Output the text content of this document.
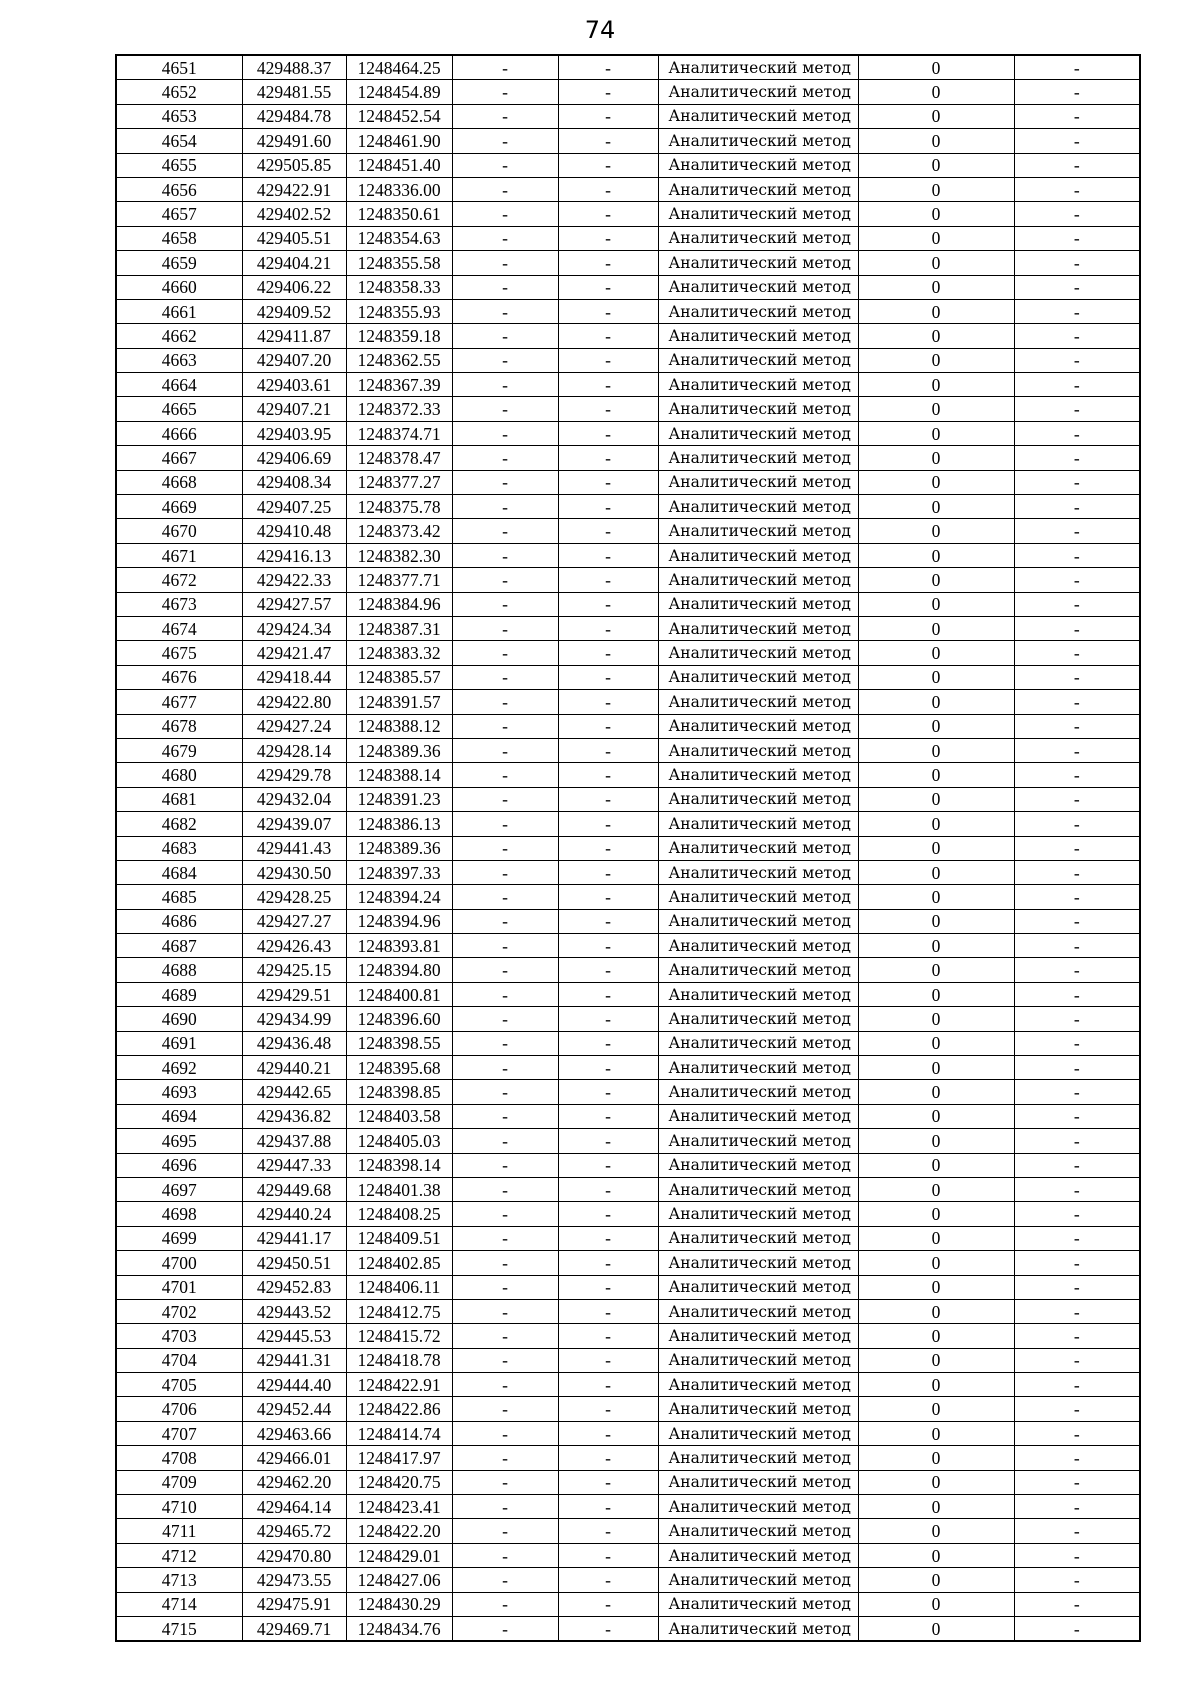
74
4651	429488.37	1248464.25	-	-	Аналитический метод	0	-
4652	429481.55	1248454.89	-	-	Аналитический метод	0	-
4653	429484.78	1248452.54	-	-	Аналитический метод	0	-
4654	429491.60	1248461.90	-	-	Аналитический метод	0	-
4655	429505.85	1248451.40	-	-	Аналитический метод	0	-
4656	429422.91	1248336.00	-	-	Аналитический метод	0	-
4657	429402.52	1248350.61	-	-	Аналитический метод	0	-
4658	429405.51	1248354.63	-	-	Аналитический метод	0	-
4659	429404.21	1248355.58	-	-	Аналитический метод	0	-
4660	429406.22	1248358.33	-	-	Аналитический метод	0	-
4661	429409.52	1248355.93	-	-	Аналитический метод	0	-
4662	429411.87	1248359.18	-	-	Аналитический метод	0	-
4663	429407.20	1248362.55	-	-	Аналитический метод	0	-
4664	429403.61	1248367.39	-	-	Аналитический метод	0	-
4665	429407.21	1248372.33	-	-	Аналитический метод	0	-
4666	429403.95	1248374.71	-	-	Аналитический метод	0	-
4667	429406.69	1248378.47	-	-	Аналитический метод	0	-
4668	429408.34	1248377.27	-	-	Аналитический метод	0	-
4669	429407.25	1248375.78	-	-	Аналитический метод	0	-
4670	429410.48	1248373.42	-	-	Аналитический метод	0	-
4671	429416.13	1248382.30	-	-	Аналитический метод	0	-
4672	429422.33	1248377.71	-	-	Аналитический метод	0	-
4673	429427.57	1248384.96	-	-	Аналитический метод	0	-
4674	429424.34	1248387.31	-	-	Аналитический метод	0	-
4675	429421.47	1248383.32	-	-	Аналитический метод	0	-
4676	429418.44	1248385.57	-	-	Аналитический метод	0	-
4677	429422.80	1248391.57	-	-	Аналитический метод	0	-
4678	429427.24	1248388.12	-	-	Аналитический метод	0	-
4679	429428.14	1248389.36	-	-	Аналитический метод	0	-
4680	429429.78	1248388.14	-	-	Аналитический метод	0	-
4681	429432.04	1248391.23	-	-	Аналитический метод	0	-
4682	429439.07	1248386.13	-	-	Аналитический метод	0	-
4683	429441.43	1248389.36	-	-	Аналитический метод	0	-
4684	429430.50	1248397.33	-	-	Аналитический метод	0	-
4685	429428.25	1248394.24	-	-	Аналитический метод	0	-
4686	429427.27	1248394.96	-	-	Аналитический метод	0	-
4687	429426.43	1248393.81	-	-	Аналитический метод	0	-
4688	429425.15	1248394.80	-	-	Аналитический метод	0	-
4689	429429.51	1248400.81	-	-	Аналитический метод	0	-
4690	429434.99	1248396.60	-	-	Аналитический метод	0	-
4691	429436.48	1248398.55	-	-	Аналитический метод	0	-
4692	429440.21	1248395.68	-	-	Аналитический метод	0	-
4693	429442.65	1248398.85	-	-	Аналитический метод	0	-
4694	429436.82	1248403.58	-	-	Аналитический метод	0	-
4695	429437.88	1248405.03	-	-	Аналитический метод	0	-
4696	429447.33	1248398.14	-	-	Аналитический метод	0	-
4697	429449.68	1248401.38	-	-	Аналитический метод	0	-
4698	429440.24	1248408.25	-	-	Аналитический метод	0	-
4699	429441.17	1248409.51	-	-	Аналитический метод	0	-
4700	429450.51	1248402.85	-	-	Аналитический метод	0	-
4701	429452.83	1248406.11	-	-	Аналитический метод	0	-
4702	429443.52	1248412.75	-	-	Аналитический метод	0	-
4703	429445.53	1248415.72	-	-	Аналитический метод	0	-
4704	429441.31	1248418.78	-	-	Аналитический метод	0	-
4705	429444.40	1248422.91	-	-	Аналитический метод	0	-
4706	429452.44	1248422.86	-	-	Аналитический метод	0	-
4707	429463.66	1248414.74	-	-	Аналитический метод	0	-
4708	429466.01	1248417.97	-	-	Аналитический метод	0	-
4709	429462.20	1248420.75	-	-	Аналитический метод	0	-
4710	429464.14	1248423.41	-	-	Аналитический метод	0	-
4711	429465.72	1248422.20	-	-	Аналитический метод	0	-
4712	429470.80	1248429.01	-	-	Аналитический метод	0	-
4713	429473.55	1248427.06	-	-	Аналитический метод	0	-
4714	429475.91	1248430.29	-	-	Аналитический метод	0	-
4715	429469.71	1248434.76	-	-	Аналитический метод	0	-
